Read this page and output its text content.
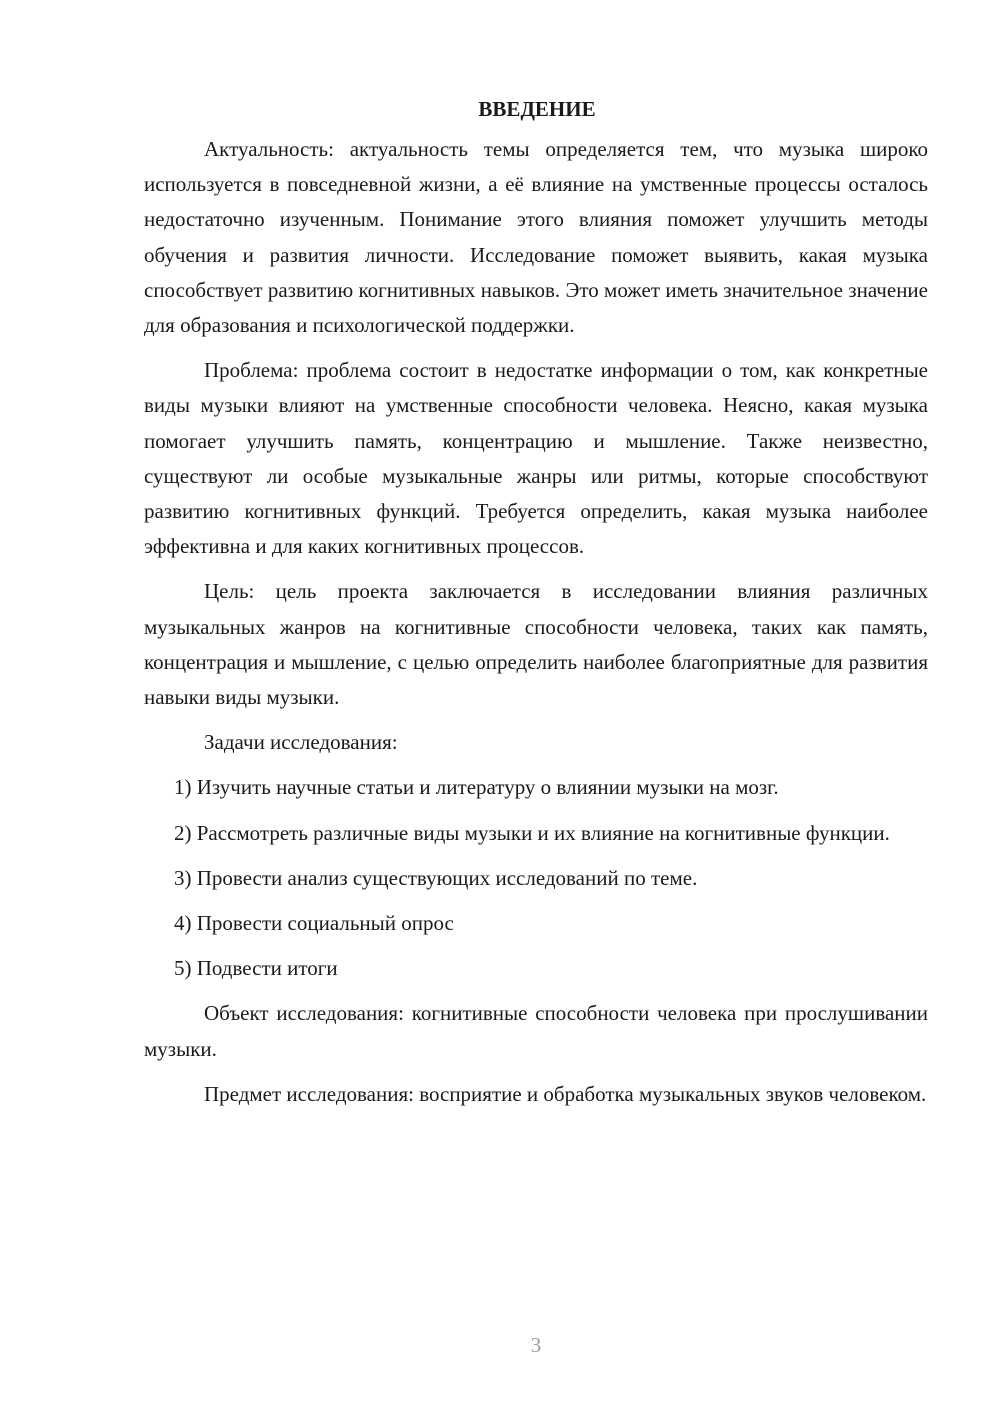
ВВЕДЕНИЕ

Актуальность: актуальность темы определяется тем, что музыка широко используется в повседневной жизни, а её влияние на умственные процессы осталось недостаточно изученным. Понимание этого влияния поможет улучшить методы обучения и развития личности. Исследование поможет выявить, какая музыка способствует развитию когнитивных навыков. Это может иметь значительное значение для образования и психологической поддержки.

Проблема: проблема состоит в недостатке информации о том, как конкретные виды музыки влияют на умственные способности человека. Неясно, какая музыка помогает улучшить память, концентрацию и мышление. Также неизвестно, существуют ли особые музыкальные жанры или ритмы, которые способствуют развитию когнитивных функций. Требуется определить, какая музыка наиболее эффективна и для каких когнитивных процессов.

Цель: цель проекта заключается в исследовании влияния различных музыкальных жанров на когнитивные способности человека, таких как память, концентрация и мышление, с целью определить наиболее благоприятные для развития навыки виды музыки.

Задачи исследования:

1) Изучить научные статьи и литературу о влиянии музыки на мозг.

2) Рассмотреть различные виды музыки и их влияние на когнитивные функции.

3) Провести анализ существующих исследований по теме.

4) Провести социальный опрос

5) Подвести итоги

Объект исследования: когнитивные способности человека при прослушивании музыки.

Предмет исследования: восприятие и обработка музыкальных звуков человеком.

3
